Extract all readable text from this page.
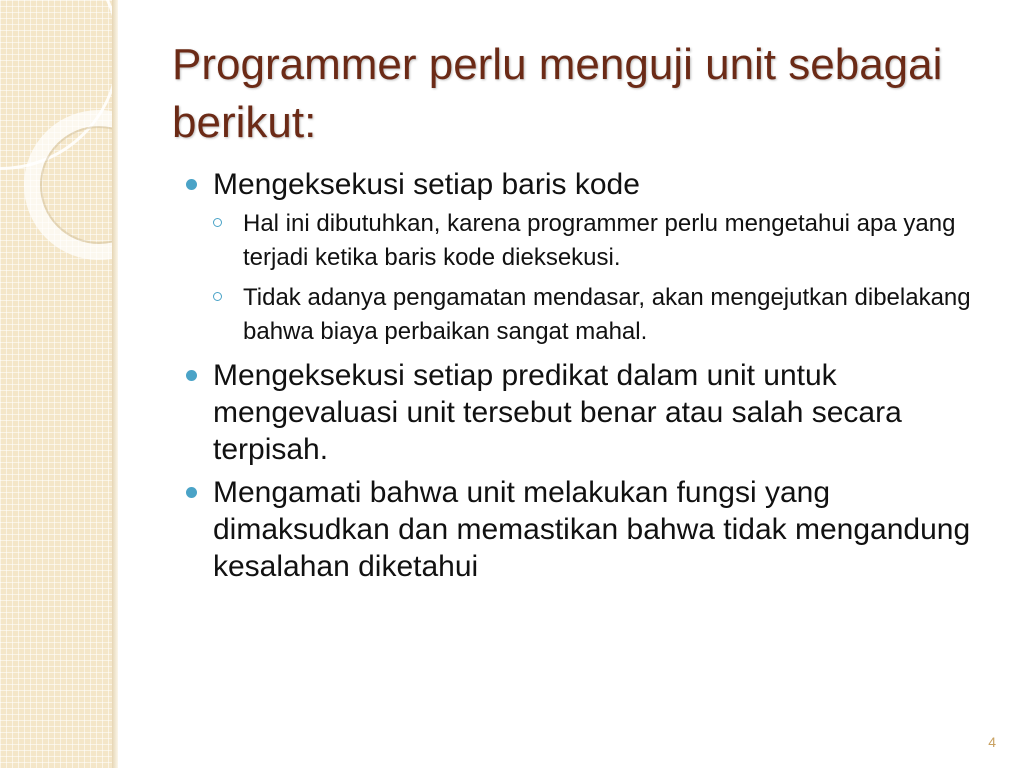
Programmer perlu menguji unit sebagai berikut:
Mengeksekusi setiap baris kode
Hal ini dibutuhkan, karena programmer perlu mengetahui apa yang terjadi ketika baris kode dieksekusi.
Tidak adanya pengamatan mendasar, akan mengejutkan dibelakang bahwa biaya perbaikan sangat mahal.
Mengeksekusi setiap predikat dalam unit untuk mengevaluasi unit tersebut benar atau salah secara terpisah.
Mengamati bahwa unit melakukan fungsi yang dimaksudkan dan memastikan bahwa tidak mengandung kesalahan diketahui
4
